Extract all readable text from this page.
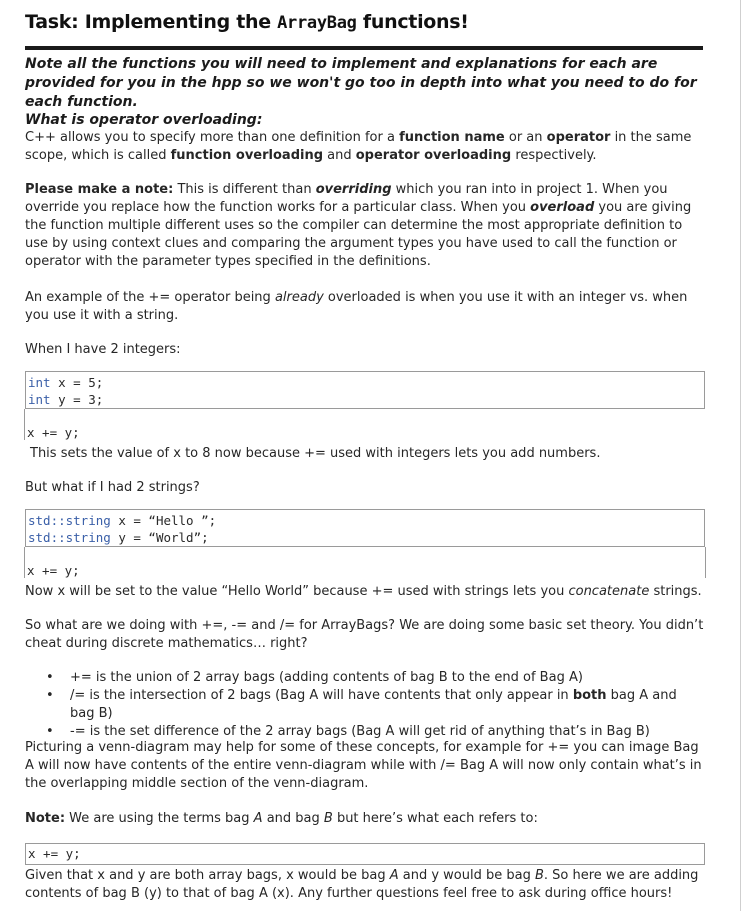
Task: Implementing the ArrayBag functions!
Note all the functions you will need to implement and explanations for each are provided for you in the hpp so we won't go too in depth into what you need to do for each function.
What is operator overloading:
C++ allows you to specify more than one definition for a function name or an operator in the same scope, which is called function overloading and operator overloading respectively.
Please make a note: This is different than overriding which you ran into in project 1. When you override you replace how the function works for a particular class. When you overload you are giving the function multiple different uses so the compiler can determine the most appropriate definition to use by using context clues and comparing the argument types you have used to call the function or operator with the parameter types specified in the definitions.
An example of the += operator being already overloaded is when you use it with an integer vs. when you use it with a string.
When I have 2 integers:
int x = 5;
int y = 3;
x += y;
This sets the value of x to 8 now because += used with integers lets you add numbers.
But what if I had 2 strings?
std::string x = “Hello ”;
std::string y = “World”;
x += y;
Now x will be set to the value “Hello World” because += used with strings lets you concatenate strings.
So what are we doing with +=, -= and /= for ArrayBags? We are doing some basic set theory. You didn’t cheat during discrete mathematics… right?
• += is the union of 2 array bags (adding contents of bag B to the end of Bag A)
• /= is the intersection of 2 bags (Bag A will have contents that only appear in both bag A and bag B)
• -= is the set difference of the 2 array bags (Bag A will get rid of anything that’s in Bag B)
Picturing a venn-diagram may help for some of these concepts, for example for += you can image Bag A will now have contents of the entire venn-diagram while with /= Bag A will now only contain what’s in the overlapping middle section of the venn-diagram.
Note: We are using the terms bag A and bag B but here’s what each refers to:
x += y;
Given that x and y are both array bags, x would be bag A and y would be bag B. So here we are adding contents of bag B (y) to that of bag A (x). Any further questions feel free to ask during office hours!
